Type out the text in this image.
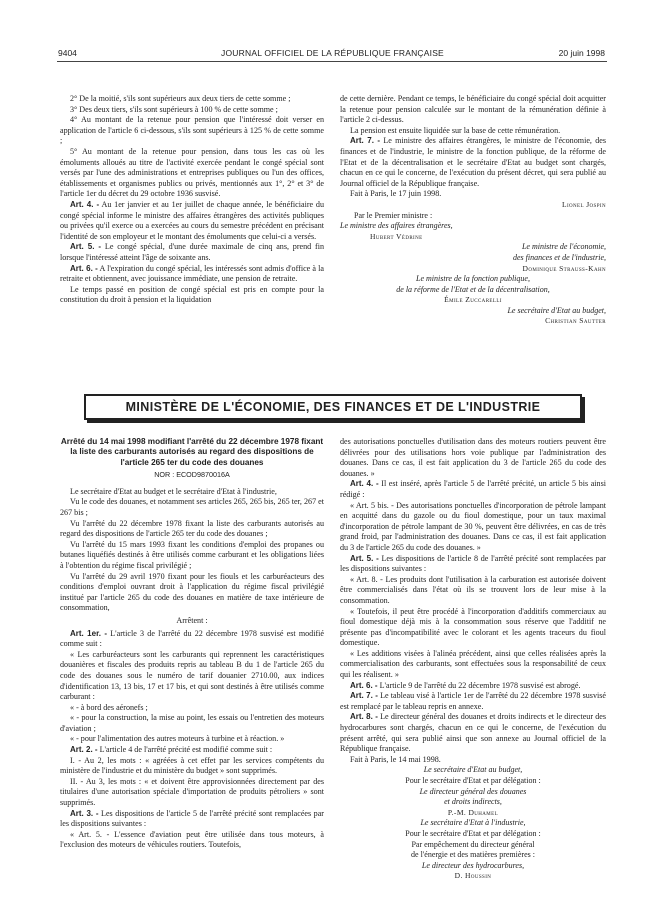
9404	JOURNAL OFFICIEL DE LA RÉPUBLIQUE FRANÇAISE	20 juin 1998

2° De la moitié, s'ils sont supérieurs aux deux tiers de cette somme ;

3° Des deux tiers, s'ils sont supérieurs à 100 % de cette somme ;

4° Au montant de la retenue pour pension que l'intéressé doit verser en application de l'article 6 ci-dessous, s'ils sont supérieurs à 125 % de cette somme ;

5° Au montant de la retenue pour pension, dans tous les cas où les émoluments alloués au titre de l'activité exercée pendant le congé spécial sont versés par l'une des administrations et entreprises publiques ou l'un des offices, établissements et organismes publics ou privés, mentionnés aux 1°, 2° et 3° de l'article 1er du décret du 29 octobre 1936 susvisé.

Art. 4. - Au 1er janvier et au 1er juillet de chaque année, le bénéficiaire du congé spécial informe le ministre des affaires étrangères des activités publiques ou privées qu'il exerce ou a exercées au cours du semestre précédent en précisant l'identité de son employeur et le montant des émoluments que celui-ci a versés.

Art. 5. - Le congé spécial, d'une durée maximale de cinq ans, prend fin lorsque l'intéressé atteint l'âge de soixante ans.

Art. 6. - A l'expiration du congé spécial, les intéressés sont admis d'office à la retraite et obtiennent, avec jouissance immédiate, une pension de retraite.

Le temps passé en position de congé spécial est pris en compte pour la constitution du droit à pension et la liquidation

de cette dernière. Pendant ce temps, le bénéficiaire du congé spécial doit acquitter la retenue pour pension calculée sur le montant de la rémunération définie à l'article 2 ci-dessus.

La pension est ensuite liquidée sur la base de cette rémunération.

Art. 7. - Le ministre des affaires étrangères, le ministre de l'économie, des finances et de l'industrie, le ministre de la fonction publique, de la réforme de l'Etat et de la décentralisation et le secrétaire d'Etat au budget sont chargés, chacun en ce qui le concerne, de l'exécution du présent décret, qui sera publié au Journal officiel de la République française.

Fait à Paris, le 17 juin 1998.

Lionel Jospin
Par le Premier ministre :
Le ministre des affaires étrangères,
Hubert Védrine
Le ministre de l'économie,
des finances et de l'industrie,
Dominique Strauss-Kahn
Le ministre de la fonction publique,
de la réforme de l'Etat et de la décentralisation,
Émile Zuccarelli
Le secrétaire d'Etat au budget,
Christian Sautter
MINISTÈRE DE L'ÉCONOMIE, DES FINANCES ET DE L'INDUSTRIE
Arrêté du 14 mai 1998 modifiant l'arrêté du 22 décembre 1978 fixant la liste des carburants autorisés au regard des dispositions de l'article 265 ter du code des douanes
NOR : ECOD9870016A

Le secrétaire d'Etat au budget et le secrétaire d'Etat à l'industrie,

Vu le code des douanes, et notamment ses articles 265, 265 bis, 265 ter, 267 et 267 bis ;

Vu l'arrêté du 22 décembre 1978 fixant la liste des carburants autorisés au regard des dispositions de l'article 265 ter du code des douanes ;

Vu l'arrêté du 15 mars 1993 fixant les conditions d'emploi des propanes ou butanes liquéfiés destinés à être utilisés comme carburant et les obligations liées à l'obtention du régime fiscal privilégié ;

Vu l'arrêté du 29 avril 1970 fixant pour les fiouls et les carburéacteurs des conditions d'emploi ouvrant droit à l'application du régime fiscal privilégié institué par l'article 265 du code des douanes en matière de taxe intérieure de consommation,

Arrêtent :

Art. 1er. - L'article 3 de l'arrêté du 22 décembre 1978 susvisé est modifié comme suit :

« Les carburéacteurs sont les carburants qui reprennent les caractéristiques douanières et fiscales des produits repris au tableau B du 1 de l'article 265 du code des douanes sous le numéro de tarif douanier 2710.00, aux indices d'identification 13, 13 bis, 17 et 17 bis, et qui sont destinés à être utilisés comme carburant :

« - à bord des aéronefs ;

« - pour la construction, la mise au point, les essais ou l'entretien des moteurs d'aviation ;

« - pour l'alimentation des autres moteurs à turbine et à réaction. »

Art. 2. - L'article 4 de l'arrêté précité est modifié comme suit :

I. - Au 2, les mots : « agréées à cet effet par les services compétents du ministère de l'industrie et du ministère du budget » sont supprimés.

II. - Au 3, les mots : « et doivent être approvisionnées directement par des titulaires d'une autorisation spéciale d'importation de produits pétroliers » sont supprimés.

Art. 3. - Les dispositions de l'article 5 de l'arrêté précité sont remplacées par les dispositions suivantes :

« Art. 5. - L'essence d'aviation peut être utilisée dans tous moteurs, à l'exclusion des moteurs de véhicules routiers. Toutefois,

des autorisations ponctuelles d'utilisation dans des moteurs routiers peuvent être délivrées pour des utilisations hors voie publique par l'administration des douanes. Dans ce cas, il est fait application du 3 de l'article 265 du code des douanes. »

Art. 4. - Il est inséré, après l'article 5 de l'arrêté précité, un article 5 bis ainsi rédigé :

« Art. 5 bis. - Des autorisations ponctuelles d'incorporation de pétrole lampant en acquitté dans du gazole ou du fioul domestique, pour un taux maximal d'incorporation de pétrole lampant de 30 %, peuvent être délivrées, en cas de très grand froid, par l'administration des douanes. Dans ce cas, il est fait application du 3 de l'article 265 du code des douanes. »

Art. 5. - Les dispositions de l'article 8 de l'arrêté précité sont remplacées par les dispositions suivantes :

« Art. 8. - Les produits dont l'utilisation à la carburation est autorisée doivent être commercialisés dans l'état où ils se trouvent lors de leur mise à la consommation.

« Toutefois, il peut être procédé à l'incorporation d'additifs commerciaux au fioul domestique déjà mis à la consommation sous réserve que l'additif ne présente pas d'incompatibilité avec le colorant et les agents traceurs du fioul domestique.

« Les additions visées à l'alinéa précédent, ainsi que celles réalisées après la commercialisation des carburants, sont effectuées sous la responsabilité de ceux qui les réalisent. »

Art. 6. - L'article 9 de l'arrêté du 22 décembre 1978 susvisé est abrogé.

Art. 7. - Le tableau visé à l'article 1er de l'arrêté du 22 décembre 1978 susvisé est remplacé par le tableau repris en annexe.

Art. 8. - Le directeur général des douanes et droits indirects et le directeur des hydrocarbures sont chargés, chacun en ce qui le concerne, de l'exécution du présent arrêté, qui sera publié ainsi que son annexe au Journal officiel de la République française.

Fait à Paris, le 14 mai 1998.

Le secrétaire d'Etat au budget,
Pour le secrétaire d'Etat et par délégation :
Le directeur général des douanes
et droits indirects,
P.-M. Duhamel
Le secrétaire d'Etat à l'industrie,
Pour le secrétaire d'Etat et par délégation :
Par empêchement du directeur général
de l'énergie et des matières premières :
Le directeur des hydrocarbures,
D. Houssin
